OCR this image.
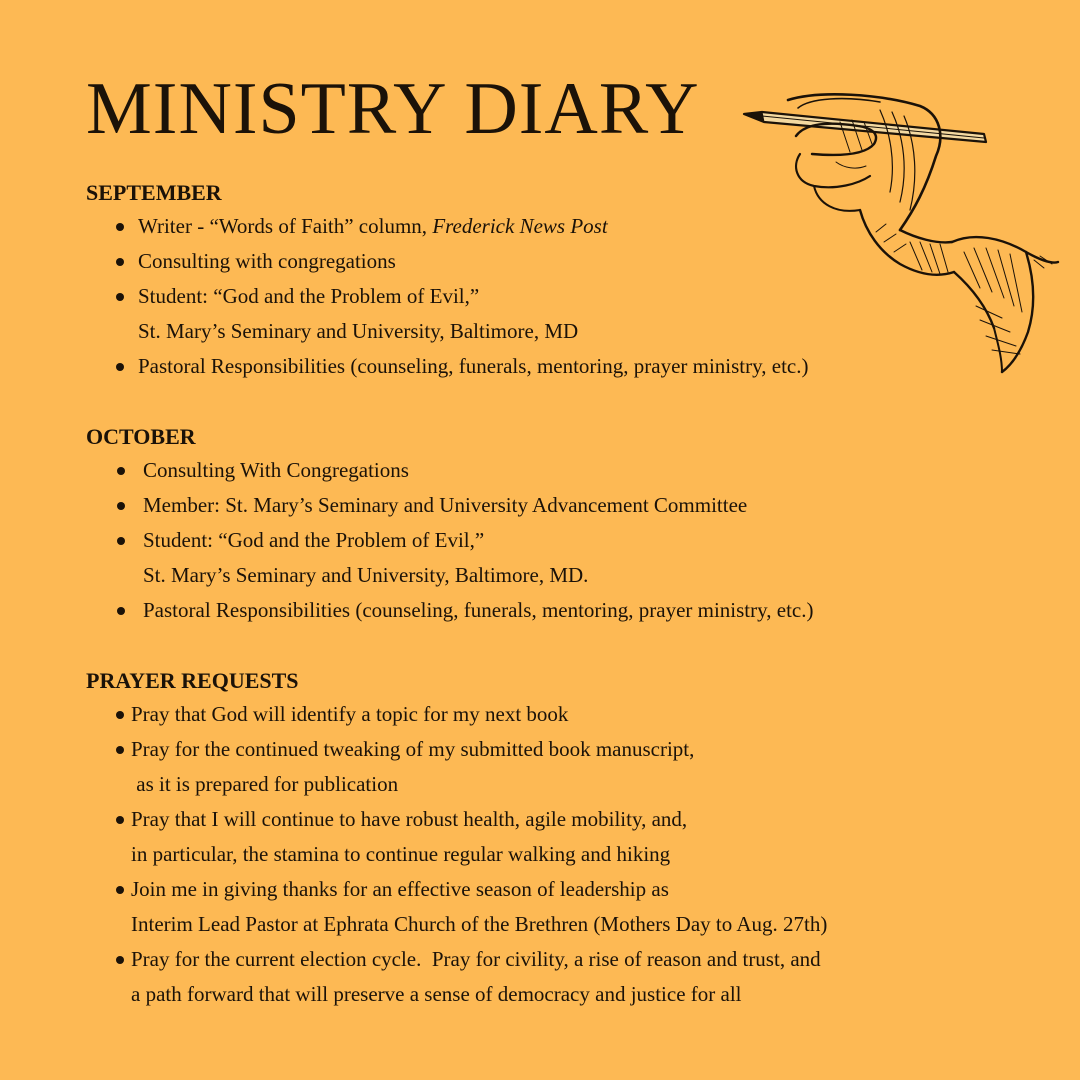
MINISTRY DIARY
SEPTEMBER
Writer - “Words of Faith” column, Frederick News Post
Consulting with congregations
Student: “God and the Problem of Evil,”
St. Mary’s Seminary and University, Baltimore, MD
Pastoral Responsibilities (counseling, funerals, mentoring, prayer ministry, etc.)
OCTOBER
Consulting With Congregations
Member: St. Mary’s Seminary and University Advancement Committee
Student: “God and the Problem of Evil,”
St. Mary’s Seminary and University, Baltimore, MD.
Pastoral Responsibilities (counseling, funerals, mentoring, prayer ministry, etc.)
PRAYER REQUESTS
Pray that God will identify a topic for my next book
Pray for the continued tweaking of my submitted book manuscript,
as it is prepared for publication
Pray that I will continue to have robust health, agile mobility, and,
in particular, the stamina to continue regular walking and hiking
Join me in giving thanks for an effective season of leadership as
Interim Lead Pastor at Ephrata Church of the Brethren (Mothers Day to Aug. 27th)
Pray for the current election cycle.  Pray for civility, a rise of reason and trust, and
a path forward that will preserve a sense of democracy and justice for all
